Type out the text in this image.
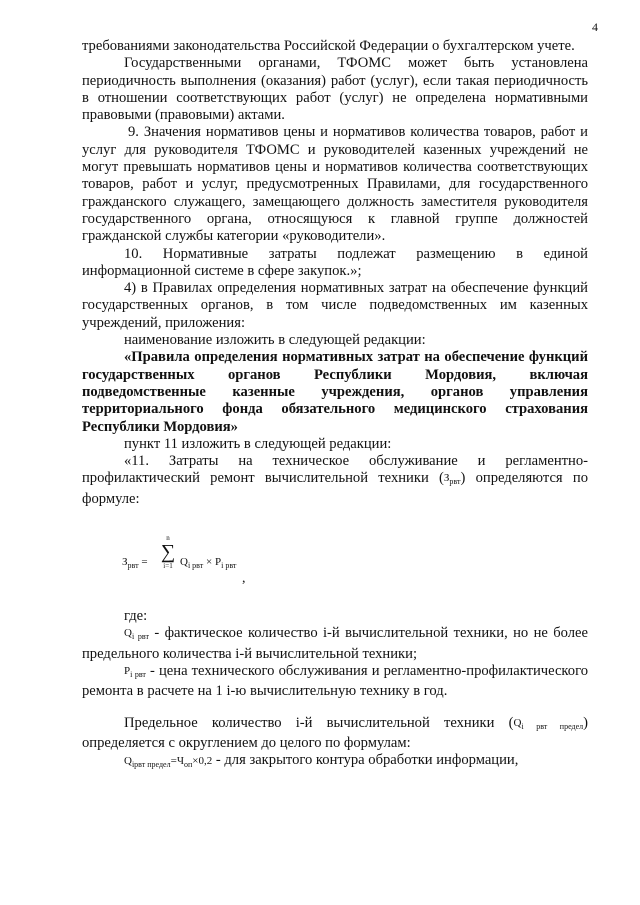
4

требованиями законодательства Российской Федерации о бухгалтерском учете.

Государственными органами, ТФОМС может быть установлена периодичность выполнения (оказания) работ (услуг), если такая периодичность в отношении соответствующих работ (услуг) не определена нормативными правовыми (правовыми) актами.

9. Значения нормативов цены и нормативов количества товаров, работ и услуг для руководителя ТФОМС и руководителей казенных учреждений не могут превышать нормативов цены и нормативов количества соответствующих товаров, работ и услуг, предусмотренных Правилами, для государственного гражданского служащего, замещающего должность заместителя руководителя государственного органа, относящуюся к главной группе должностей гражданской службы категории «руководители».

10. Нормативные затраты подлежат размещению в единой информационной системе в сфере закупок.»;

4) в Правилах определения нормативных затрат на обеспечение функций государственных органов, в том числе подведомственных им казенных учреждений, приложения:

наименование изложить в следующей редакции:

«Правила определения нормативных затрат на обеспечение функций государственных органов Республики Мордовия, включая подведомственные казенные учреждения, органов управления территориального фонда обязательного медицинского страхования Республики Мордовия»

пункт 11 изложить в следующей редакции:

«11. Затраты на техническое обслуживание и регламентно-профилактический ремонт вычислительной техники $(З_{рвт})$ определяются по формуле:

$З_{рвт}$ =
n
∑
i=1 $Q_{i рвт} \times P_{i рвт}$
,

где:

$Q_{i рвт}$ - фактическое количество i-й вычислительной техники, но не более предельного количества i-й вычислительной техники;

$P_{i рвт}$ - цена технического обслуживания и регламентно-профилактического ремонта в расчете на 1 i-ю вычислительную технику в год.

Предельное количество i-й вычислительной техники $(Q_{i рвт предел})$ определяется с округлением до целого по формулам:

$Q_{iрвт предел}=Ч_{оп}\times 0,2$ - для закрытого контура обработки информации,
